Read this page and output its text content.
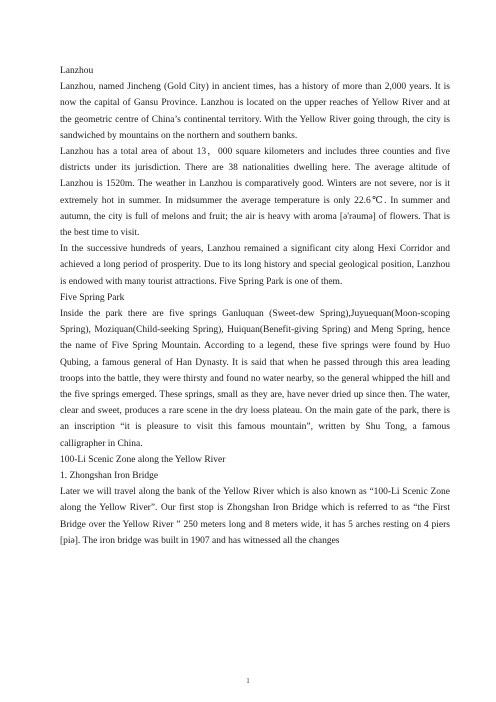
Lanzhou

Lanzhou, named Jincheng (Gold City) in ancient times, has a history of more than 2,000 years. It is now the capital of Gansu Province. Lanzhou is located on the upper reaches of Yellow River and at the geometric centre of China’s continental territory. With the Yellow River going through, the city is sandwiched by mountains on the northern and southern banks.

Lanzhou has a total area of about 13，000 square kilometers and includes three counties and five districts under its jurisdiction. There are 38 nationalities dwelling here. The average altitude of Lanzhou is 1520m. The weather in Lanzhou is comparatively good. Winters are not severe, nor is it extremely hot in summer. In midsummer the average temperature is only 22.6℃. In summer and autumn, the city is full of melons and fruit; the air is heavy with aroma [ə'rəumə] of flowers. That is the best time to visit.

In the successive hundreds of years, Lanzhou remained a significant city along Hexi Corridor and achieved a long period of prosperity. Due to its long history and special geological position, Lanzhou is endowed with many tourist attractions. Five Spring Park is one of them.

Five Spring Park

Inside the park there are five springs Ganluquan (Sweet-dew Spring),Juyuequan(Moon-scoping Spring), Moziquan(Child-seeking Spring), Huiquan(Benefit-giving Spring) and Meng Spring, hence the name of Five Spring Mountain. According to a legend, these five springs were found by Huo Qubing, a famous general of Han Dynasty. It is said that when he passed through this area leading troops into the battle, they were thirsty and found no water nearby, so the general whipped the hill and the five springs emerged. These springs, small as they are, have never dried up since then. The water, clear and sweet, produces a rare scene in the dry loess plateau. On the main gate of the park, there is an inscription “it is pleasure to visit this famous mountain”, written by Shu Tong, a famous calligrapher in China.

100-Li Scenic Zone along the Yellow River

1. Zhongshan Iron Bridge

Later we will travel along the bank of the Yellow River which is also known as “100-Li Scenic Zone along the Yellow River”. Our first stop is Zhongshan Iron Bridge which is referred to as “the First Bridge over the Yellow River ” 250 meters long and 8 meters wide, it has 5 arches resting on 4 piers [piə]. The iron bridge was built in 1907 and has witnessed all the changes

1
